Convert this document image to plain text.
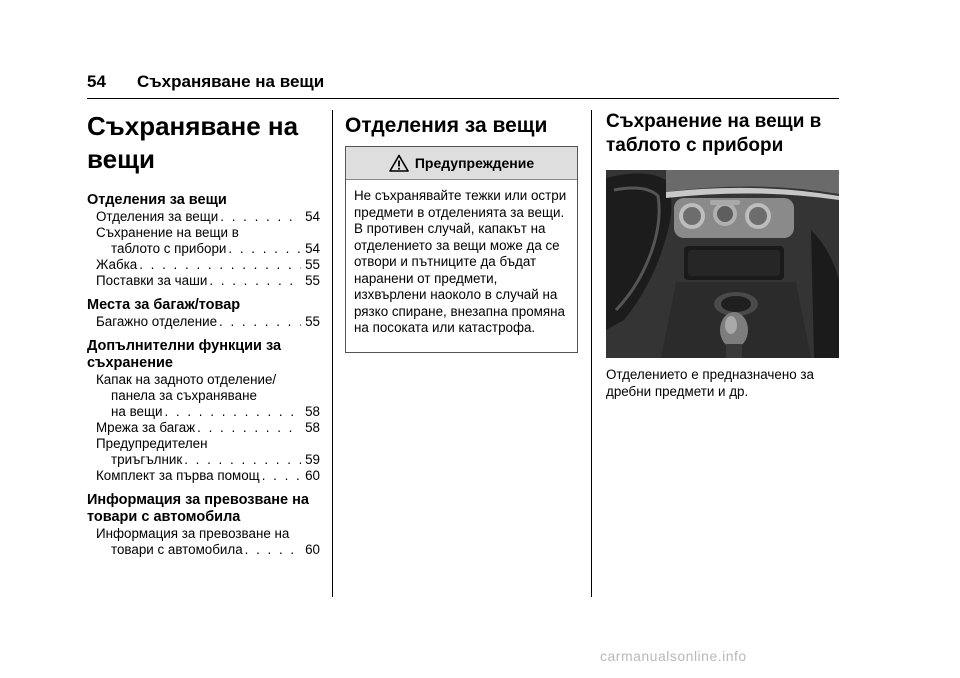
54 Съхраняване на вещи
Съхраняване на вещи
Отделения за вещи
Отделения за вещи . . .	54
Съхранение на вещи в
таблото с прибори . . .	54
Жабка . . .	55
Поставки за чаши . . .	55
Места за багаж/товар
Багажно отделение . . .	55
Допълнителни функции за съхранение
Капак на задното отделение/
панела за съхраняване
на вещи . . .	58
Мрежа за багаж . . .	58
Предупредителен
триъгълник . . .	59
Комплект за първа помощ . . .	60
Информация за превозване на товари с автомобила
Информация за превозване на
товари с автомобила . . .	60
Отделения за вещи
Предупреждение
Не съхранявайте тежки или остри предмети в отделенията за вещи. В противен случай, капакът на отделението за вещи може да се отвори и пътниците да бъдат наранени от предмети, изхвърлени наоколо в случай на рязко спиране, внезапна промяна на посоката или катастрофа.
Съхранение на вещи в таблото с прибори
Отделението е предназначено за дребни предмети и др.
carmanualsonline.info
